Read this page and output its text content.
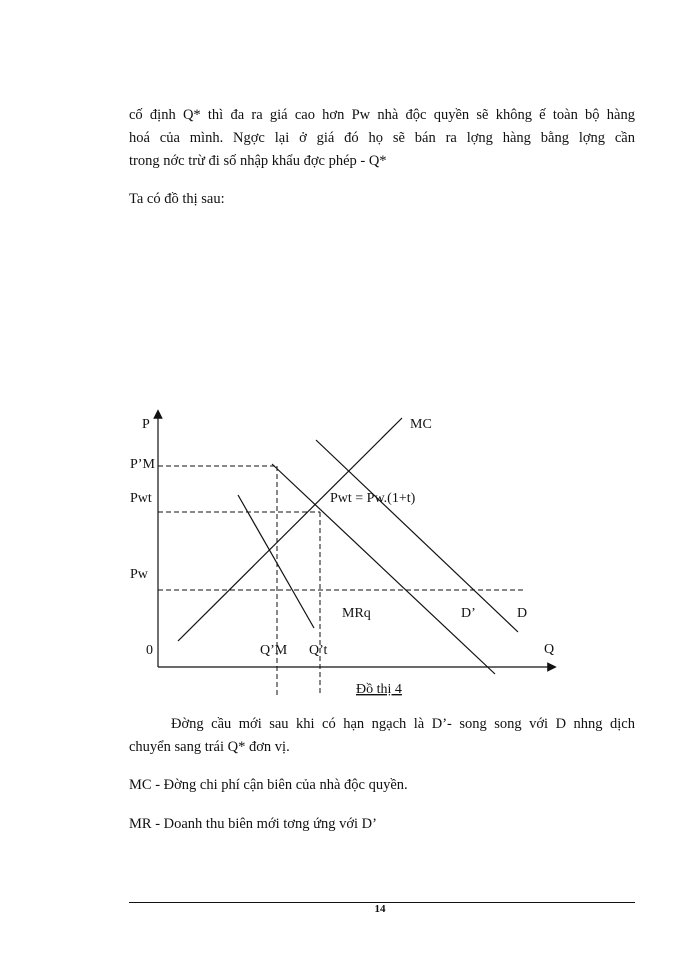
cố định Q* thì đa ra giá cao hơn Pw nhà độc quyền sẽ không ế toàn bộ hàng
hoá của mình. Ngợc lại ở giá đó họ sẽ bán ra lợng hàng bằng lợng cần
trong nớc trừ đi số nhập khẩu đợc phép - Q*
Ta có đồ thị sau:
P
Q
0
P’M
Pwt
Pw
Q’M Q’t
MC
MRq	D’	D
Pwt = Pw.(1+t)
Đồ thị 4
Đờng cầu mới sau khi có hạn ngạch là D’- song song với D nhng dịch
chuyển sang trái Q* đơn vị.
MC - Đờng chi phí cận biên của nhà độc quyền.
MR - Doanh thu biên mới tơng ứng với D’
14
